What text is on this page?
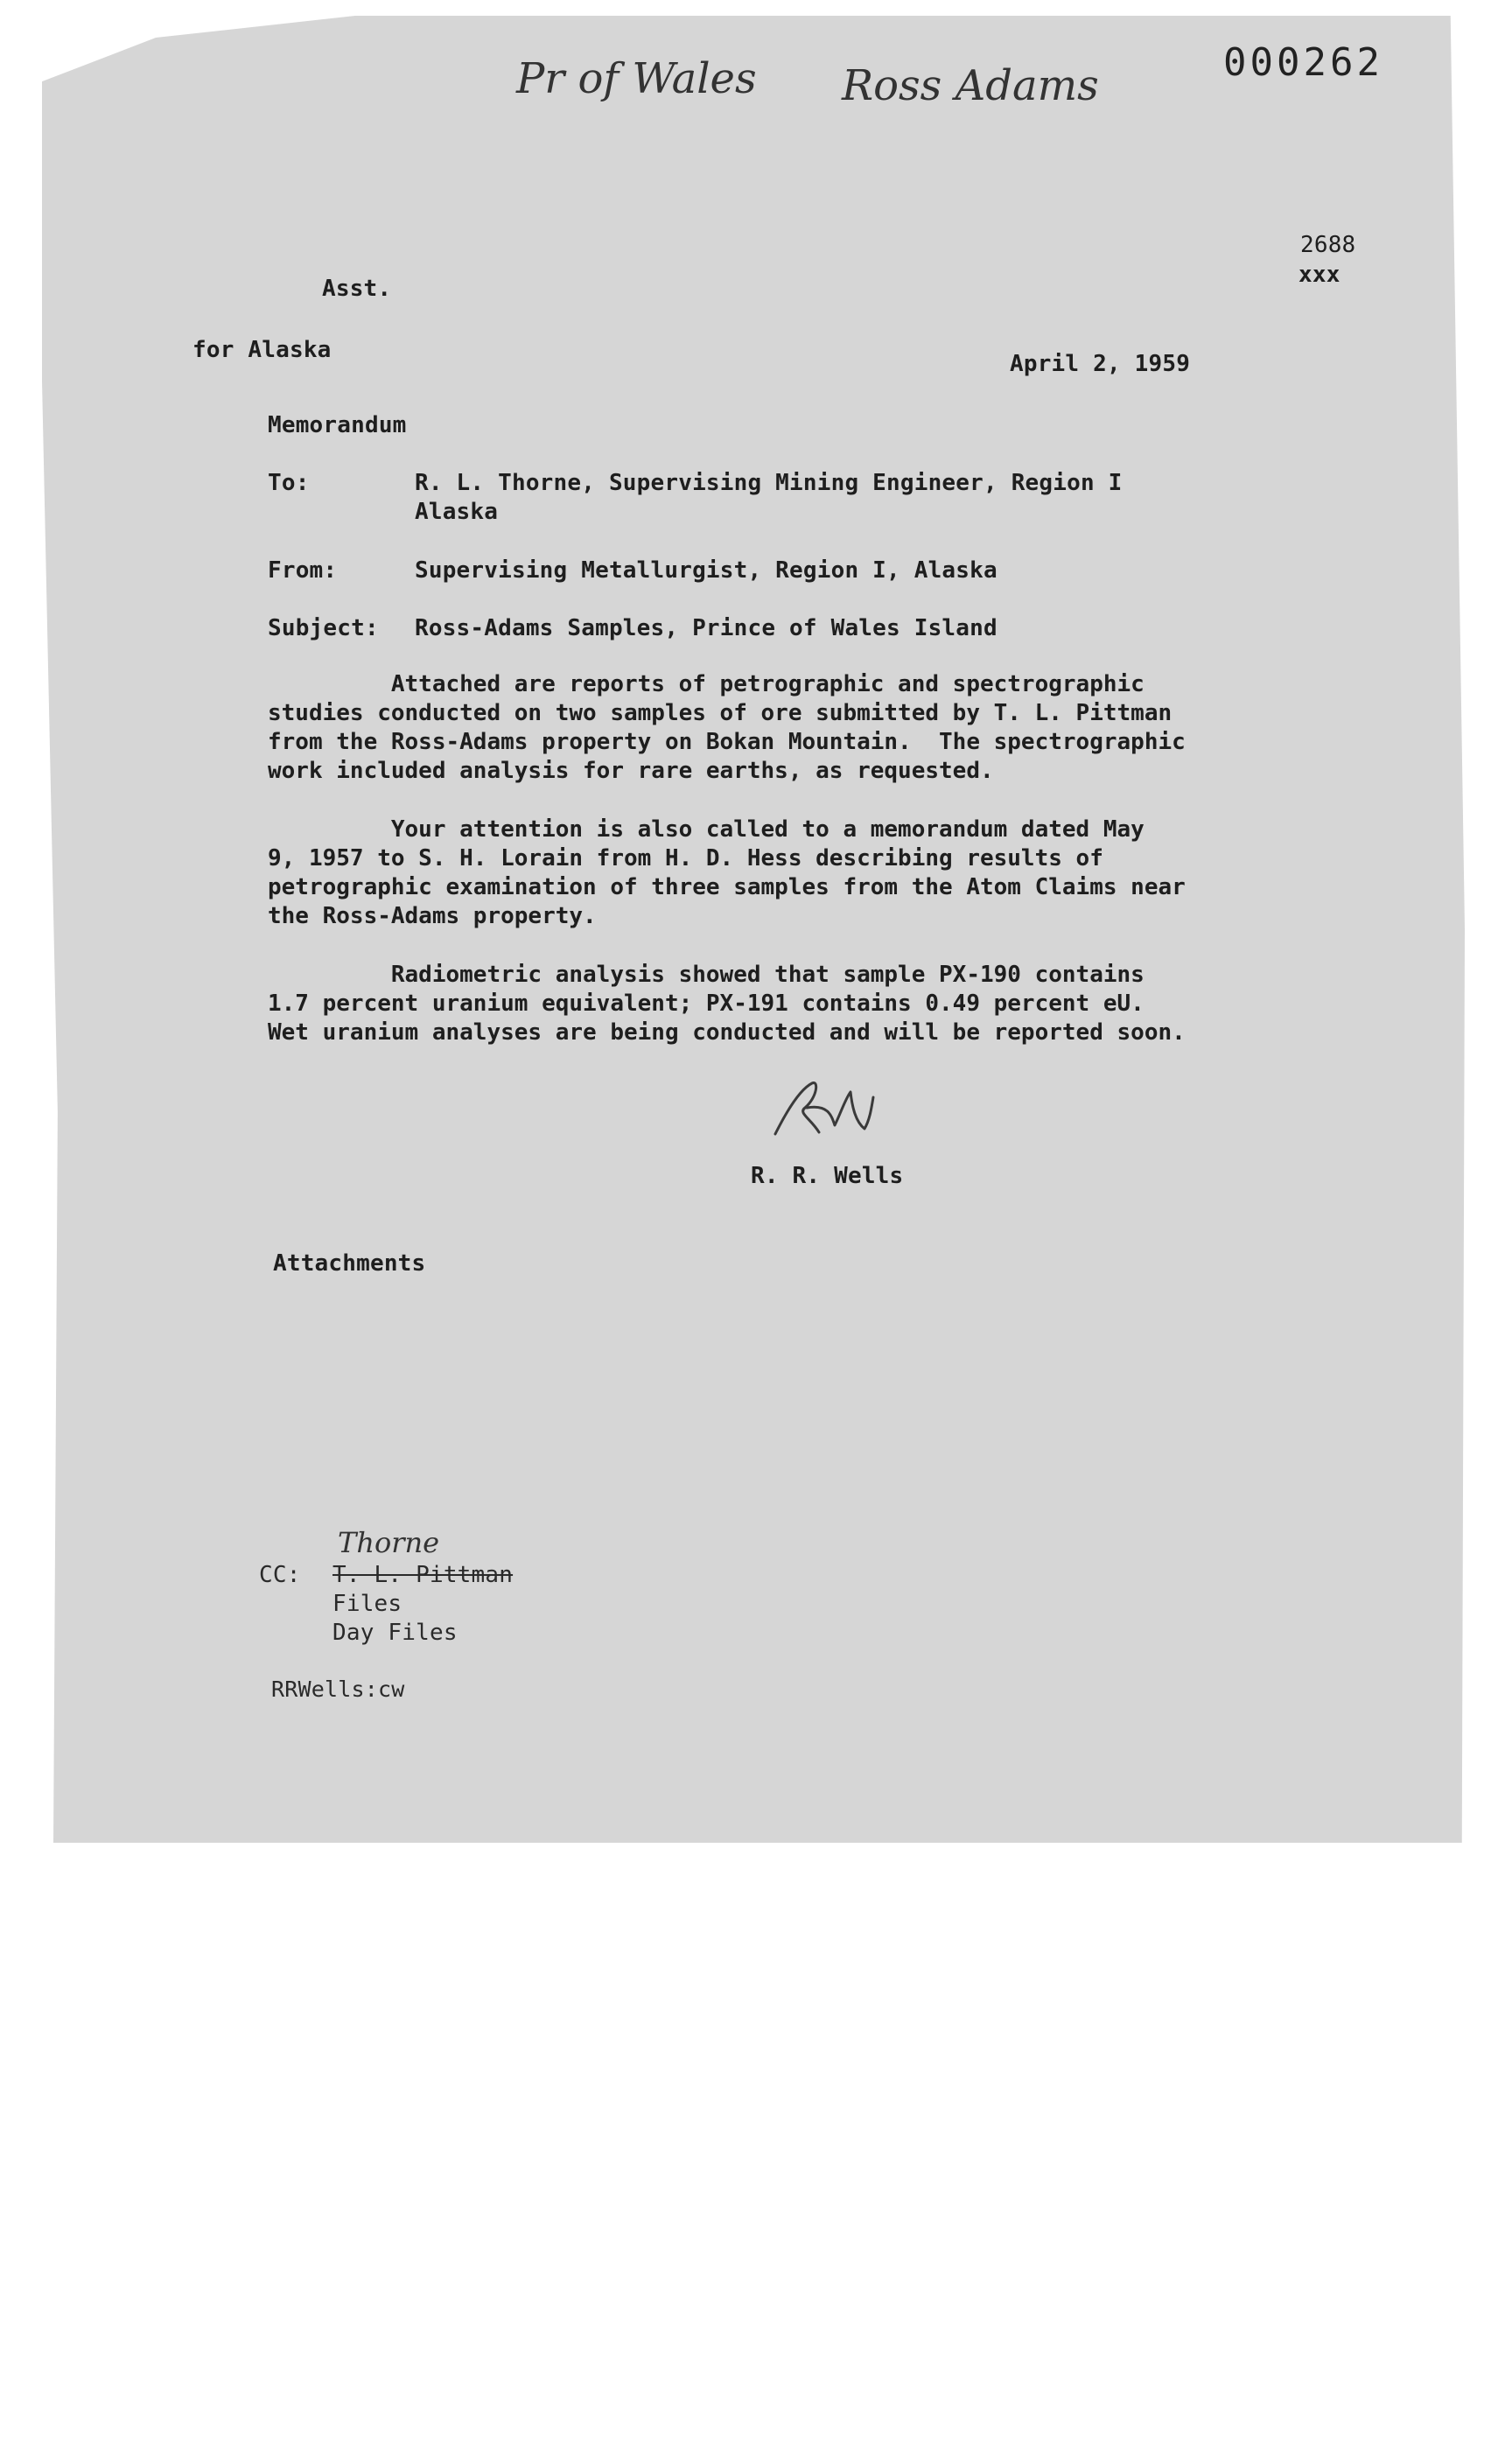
Pr of Wales Ross Adams	000262
2688
xxx
Asst.
for Alaska
April 2, 1959
Memorandum
To:	R. L. Thorne, Supervising Mining Engineer, Region I
Alaska
From:	Supervising Metallurgist, Region I, Alaska
Subject: Ross-Adams Samples, Prince of Wales Island
Attached are reports of petrographic and spectrographic
studies conducted on two samples of ore submitted by T. L. Pittman
from the Ross-Adams property on Bokan Mountain.  The spectrographic
work included analysis for rare earths, as requested.
Your attention is also called to a memorandum dated May
9, 1957 to S. H. Lorain from H. D. Hess describing results of
petrographic examination of three samples from the Atom Claims near
the Ross-Adams property.
Radiometric analysis showed that sample PX-190 contains
1.7 percent uranium equivalent; PX-191 contains 0.49 percent eU.
Wet uranium analyses are being conducted and will be reported soon.
R. R. Wells
Attachments
Thorne
CC: T. L. Pittman
Files
Day Files
RRWells:cw
